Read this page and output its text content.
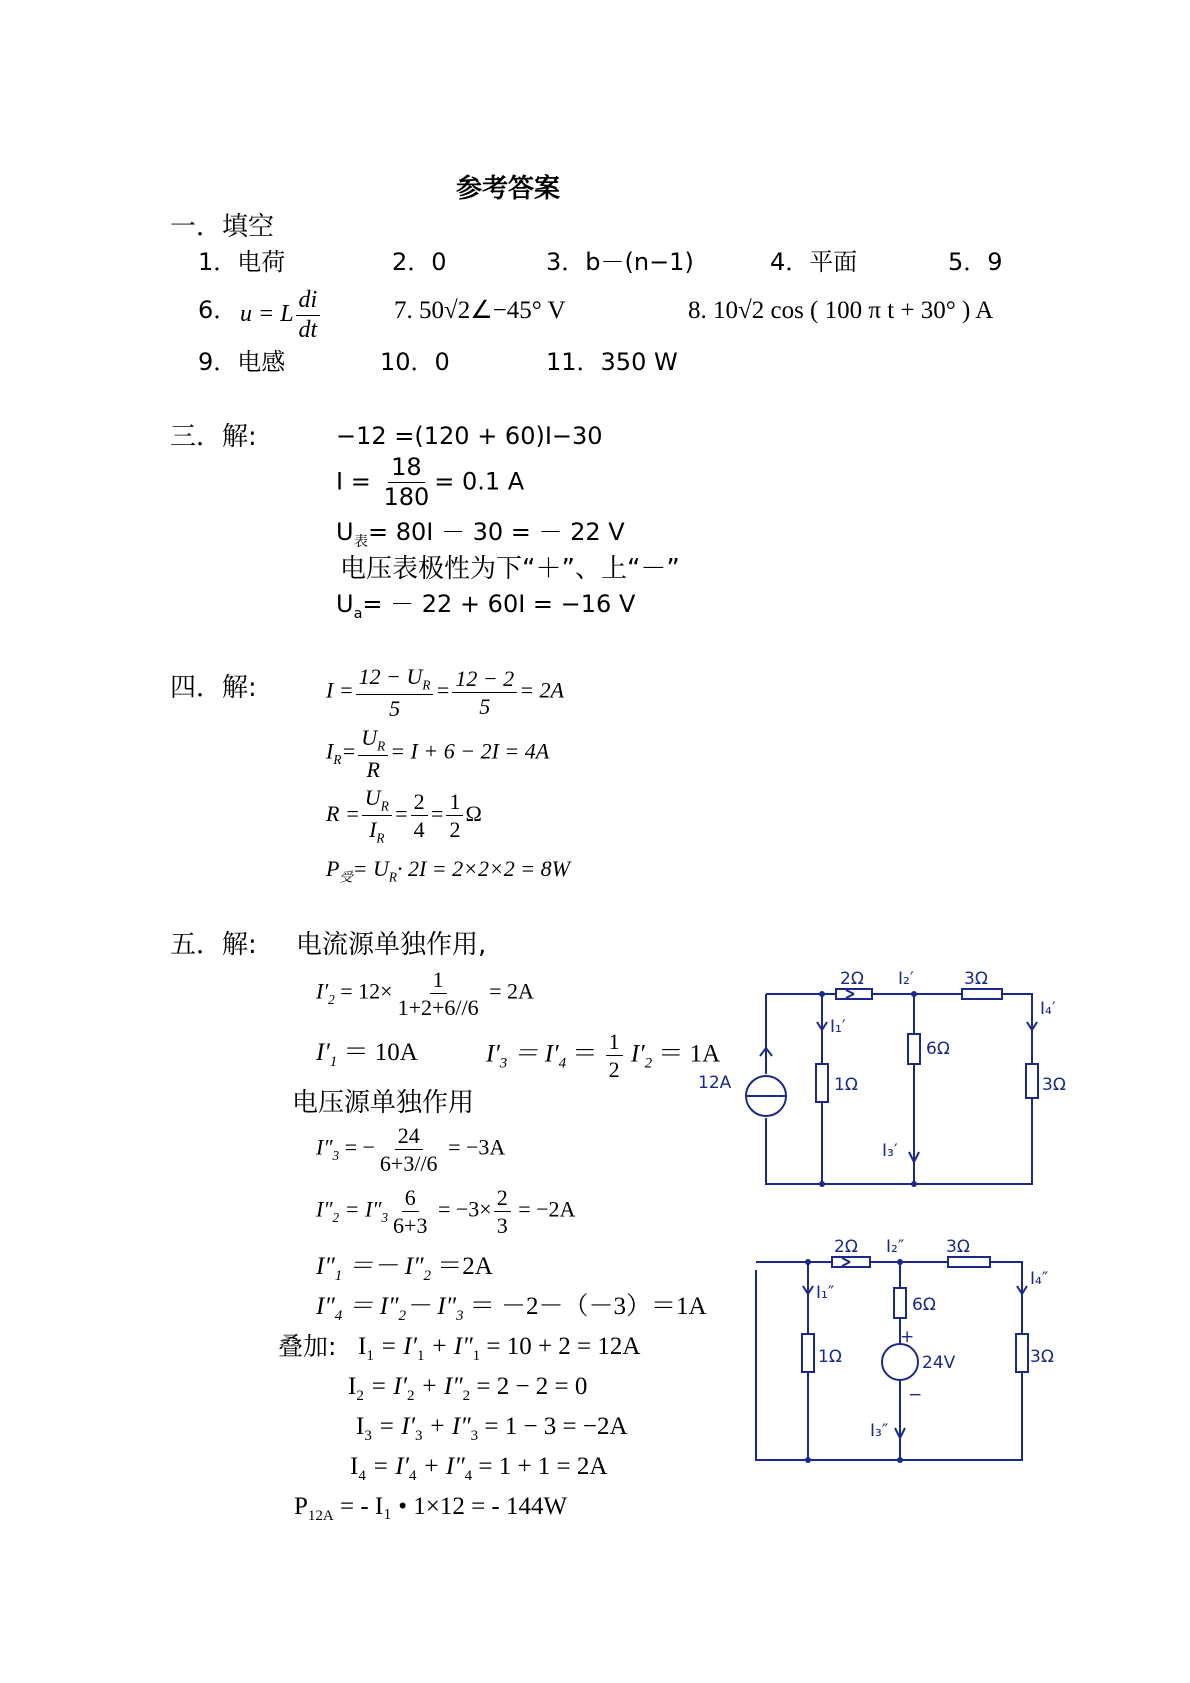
参考答案
一．填空
1．电荷	2．0	3．b－(n−1)	4．平面	5．9
6． u = L $\frac{di}{dt}$	7. 50√2∠−45° V	8. 10√2 cos ( 100 π t + 30° ) A
9．电感	10．0	11．350 W
三．解:	−12 =(120 + 60)I−30
$I = \frac{18}{180} = 0.1$ A
$U_表= 80I - 30$ = － 22 V
电压表极性为下“＋”、上“－”
$U_a= - 22 + 60I = -16$ V
四．解:	$I = \frac{12 - U_R}{5} = \frac{12 - 2}{5} = 2A$
$I_R= \frac{U_R}{R} = I + 6 - 2I = 4A$
$R = \frac{U_R}{I_R} = \frac{2}{4} = \frac{1}{2}$ Ω
$P_受= U_R\cdot 2I = 2\times 2\times 2 = 8W$
五．解: 电流源单独作用,
$I'_2 = 12\times \frac{1}{1+2+6//6} = 2A$
$I'_1 = 10A$	$I'_3 = I'_4 = \frac{1}{2} I'_2 = 1A$
电压源单独作用
$I''_3$ = − $\frac{24}{6+3//6} = -3A$
$I''_2 = I''_3 \frac{6}{6+3} = -3\times \frac{2}{3} = -2A$
$I''_1 =- I''_2 =2A$
$I''_4 = I''_2- I''_3 = -2-(-3)=1A$
叠加: $I_1 = I'_1 + I''_1 = 10 + 2 = 12A$
$I_2 = I'_2 + I''_2 = 2 - 2 = 0$
$I_3 = I'_3 + I''_3 = 1 - 3 = -2A$
$I_4 = I'_4 + I''_4 = 1 + 1 = 2A$
$P_{12A}$ = - I₁ • 1×12 = - 144W
2Ω I₂′	3Ω
I₄′
I₁′
6Ω
12A	1Ω	3Ω
I₃′
2Ω I₂″ 3Ω
I₄″
I₁″
6Ω
1Ω	3Ω
+
−
24V
I₃″
